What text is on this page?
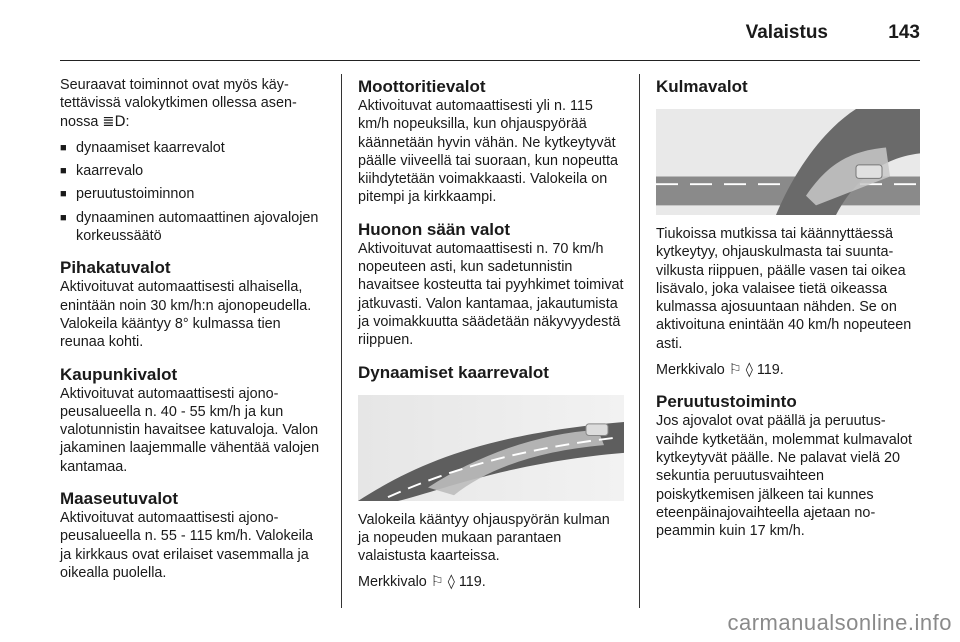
Valaistus	143

Seuraavat toiminnot ovat myös käytettävissä valokytkimen ollessa asennossa ≣D:

■ dynaamiset kaarrevalot
■ kaarrevalo
■ peruutustoiminnon
■ dynaaminen automaattinen ajovalojen korkeussäätö
Pihakatuvalot

Aktivoituvat automaattisesti alhaisella, enintään noin 30 km/h:n ajonopeudella. Valokeila kääntyy 8° kulmassa tien reunaa kohti.

Kaupunkivalot

Aktivoituvat automaattisesti ajonopeusalueella n. 40 - 55 km/h ja kun valotunnistin havaitsee katuvaloja. Valon jakaminen laajemmalle vähentää valojen kantamaa.

Maaseutuvalot

Aktivoituvat automaattisesti ajonopeusalueella n. 55 - 115 km/h. Valokeila ja kirkkaus ovat erilaiset vasemmalla ja oikealla puolella.

Moottoritievalot

Aktivoituvat automaattisesti yli n. 115 km/h nopeuksilla, kun ohjauspyörää käännetään hyvin vähän. Ne kytkeytyvät päälle viiveellä tai suoraan, kun nopeutta kiihdytetään voimakkaasti. Valokeila on pitempi ja kirkkaampi.

Huonon sään valot

Aktivoituvat automaattisesti n. 70 km/h nopeuteen asti, kun sadetunnistin havaitsee kosteutta tai pyyhkimet toimivat jatkuvasti. Valon kantamaa, jakautumista ja voimakkuutta säädetään näkyvyydestä riippuen.

Dynaamiset kaarrevalot

Valokeila kääntyy ohjauspyörän kulman ja nopeuden mukaan parantaen valaistusta kaarteissa.

Merkkivalo ⚐ ◊ 119.

Kulmavalot

Tiukoissa mutkissa tai käännyttäessä kytkeytyy, ohjauskulmasta tai suuntavilkusta riippuen, päälle vasen tai oikea lisävalo, joka valaisee tietä oikeassa kulmassa ajosuuntaan nähden. Se on aktivoituna enintään 40 km/h nopeuteen asti.

Merkkivalo ⚐ ◊ 119.

Peruutustoiminto

Jos ajovalot ovat päällä ja peruutusvaihde kytketään, molemmat kulmavalot kytkeytyvät päälle. Ne palavat vielä 20 sekuntia peruutusvaihteen poiskytkemisen jälkeen tai kunnes eteenpäinajovaihteella ajetaan nopeammin kuin 17 km/h.

carmanualsonline.info
